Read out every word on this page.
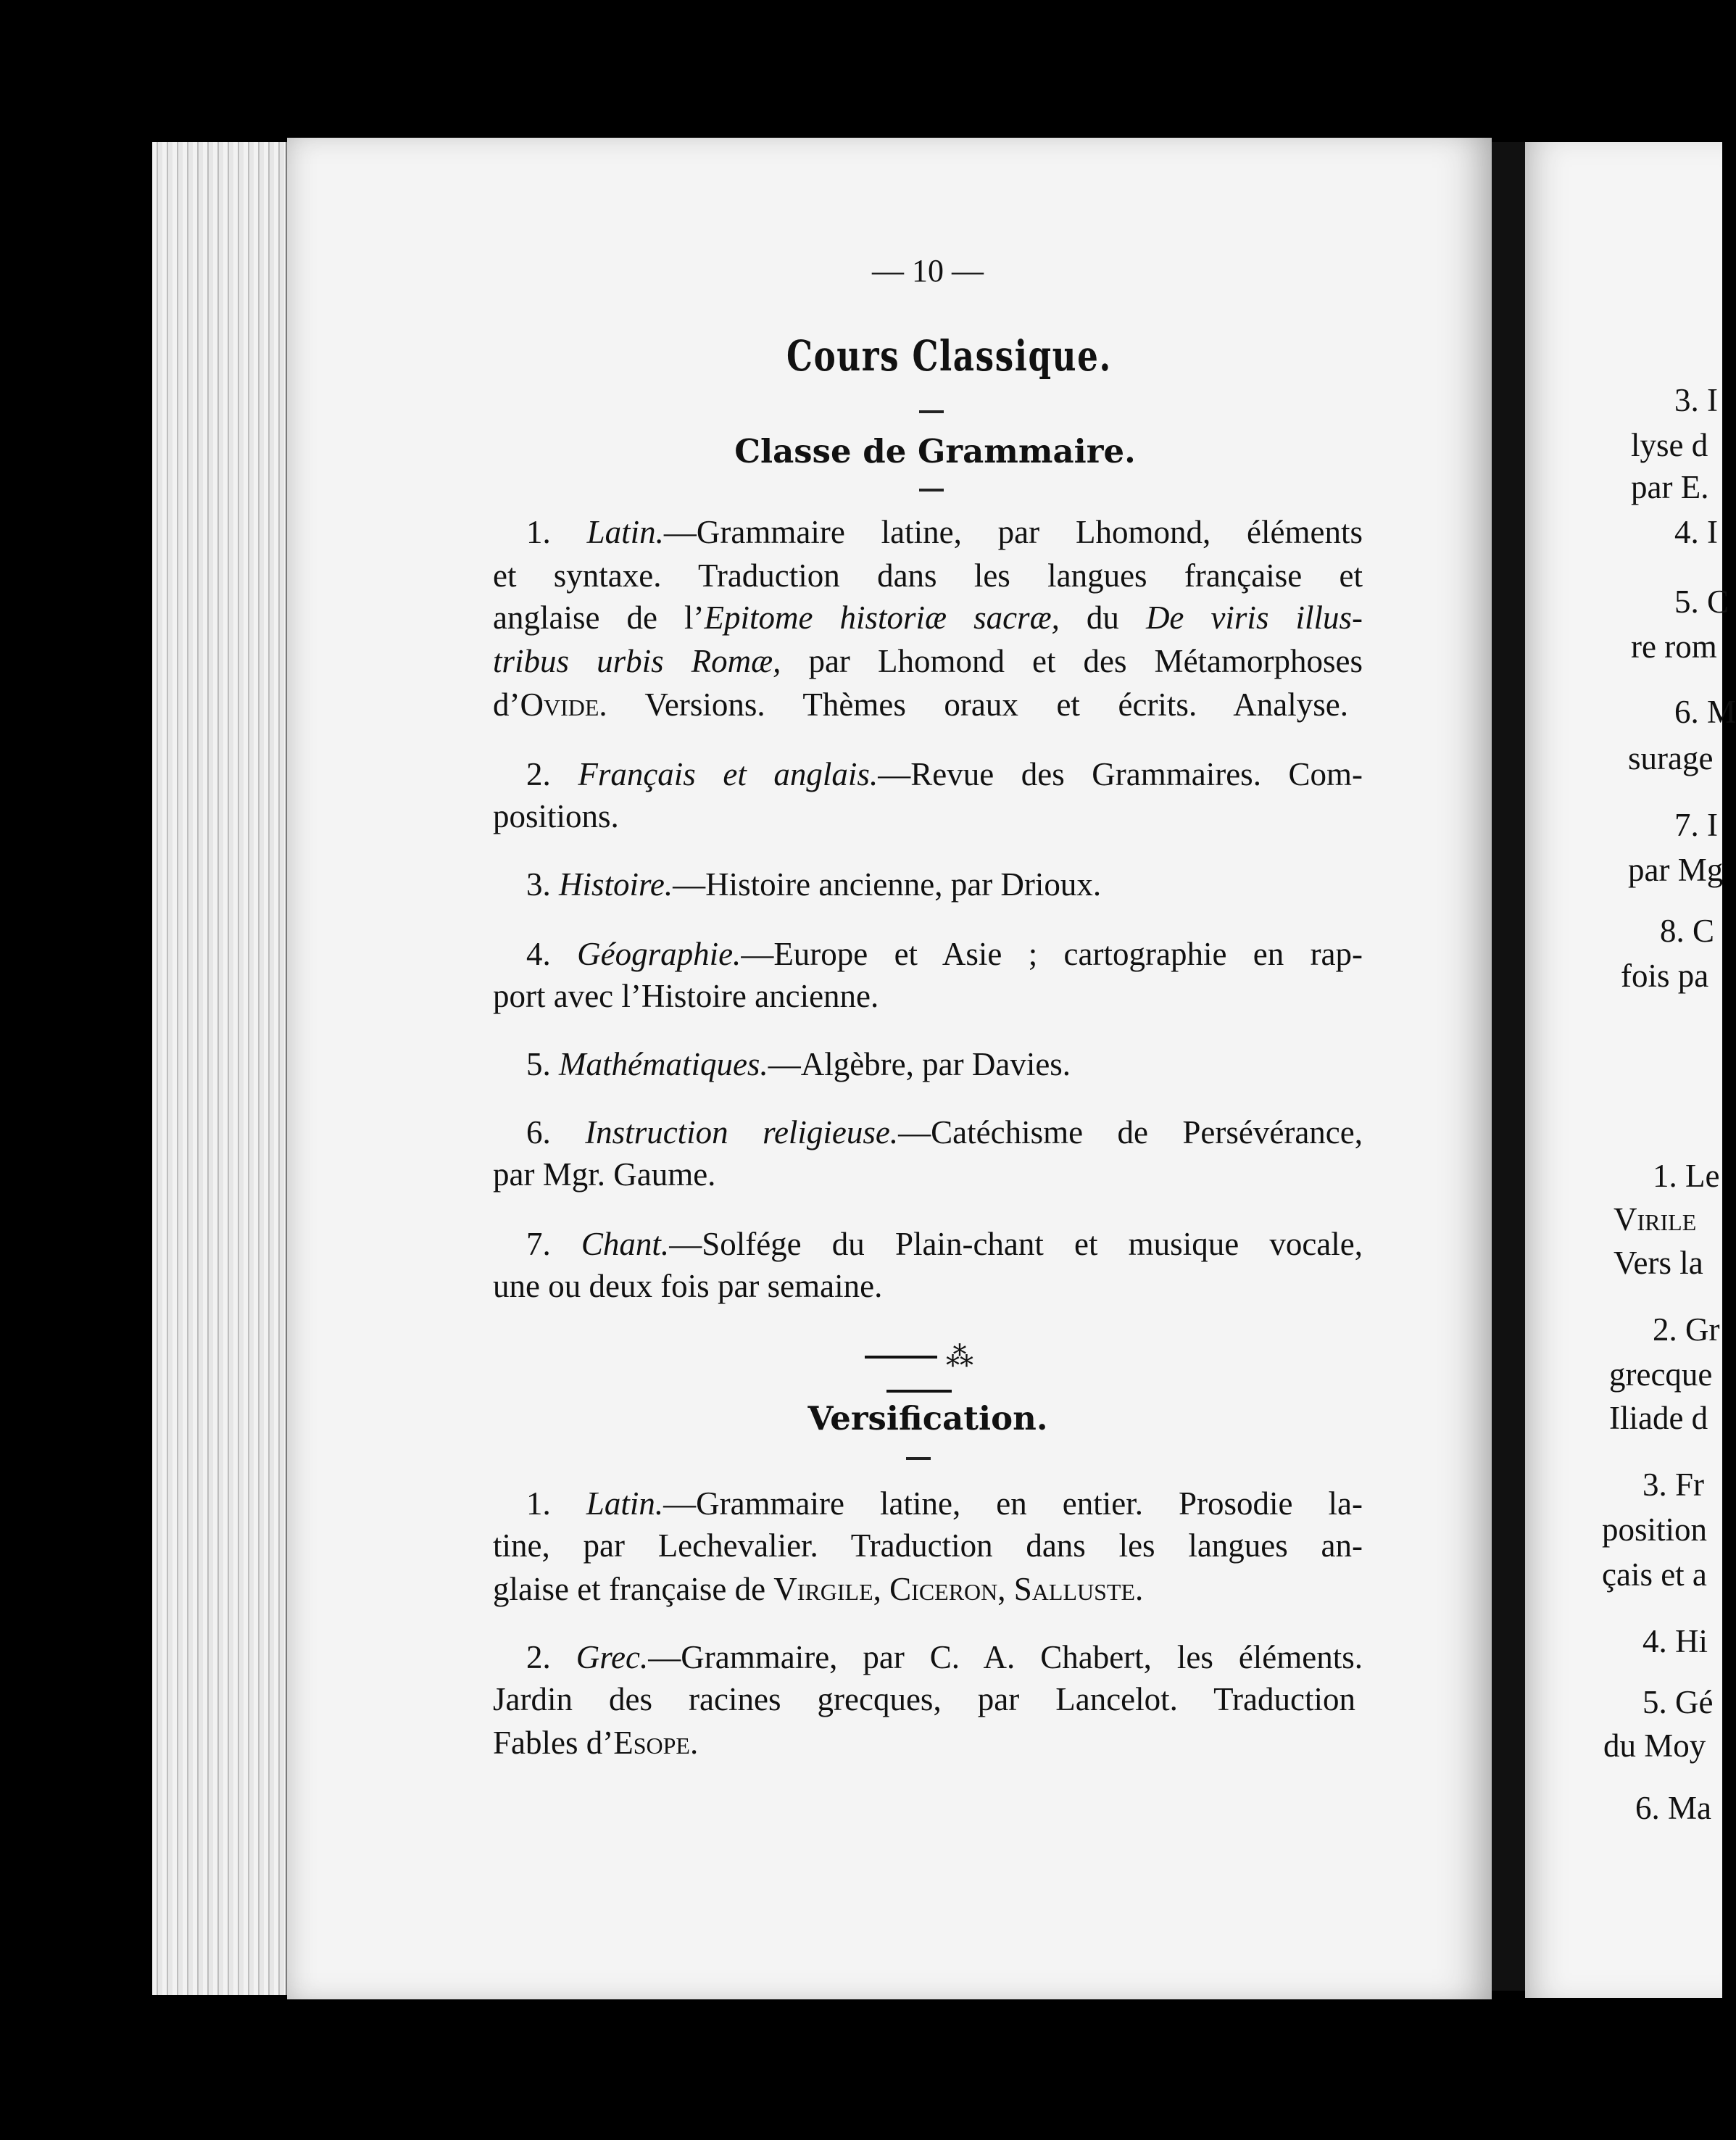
— 10 —
Cours Classique.
Classe de Grammaire.
1. Latin.—Grammaire latine, par Lhomond, éléments
et syntaxe. Traduction dans les langues française et
anglaise de l’Epitome historiæ sacræ, du De viris illus-
tribus urbis Romæ, par Lhomond et des Métamorphoses
d’Ovide. Versions. Thèmes oraux et écrits. Analyse.
2. Français et anglais.—Revue des Grammaires. Com-
positions.
3. Histoire.—Histoire ancienne, par Drioux.
4. Géographie.—Europe et Asie ; cartographie en rap-
port avec l’Histoire ancienne.
5. Mathématiques.—Algèbre, par Davies.
6. Instruction religieuse.—Catéchisme de Persévérance,
par Mgr. Gaume.
7. Chant.—Solfége du Plain-chant et musique vocale,
une ou deux fois par semaine.
⁂
Versification.
1. Latin.—Grammaire latine, en entier. Prosodie la-
tine, par Lechevalier. Traduction dans les langues an-
glaise et française de Virgile, Ciceron, Salluste.
2. Grec.—Grammaire, par C. A. Chabert, les éléments.
Jardin des racines grecques, par Lancelot. Traduction
Fables d’Esope.
3. I
lyse d
par E.
4. I
5. C
re rom
6. M
surage
7. I
par Mg
8. C
fois pa
1. Le
Virile
Vers la
2. Gr
grecque
Iliade d
3. Fr
position
çais et a
4. Hi
5. Gé
du Moy
6. Ma
